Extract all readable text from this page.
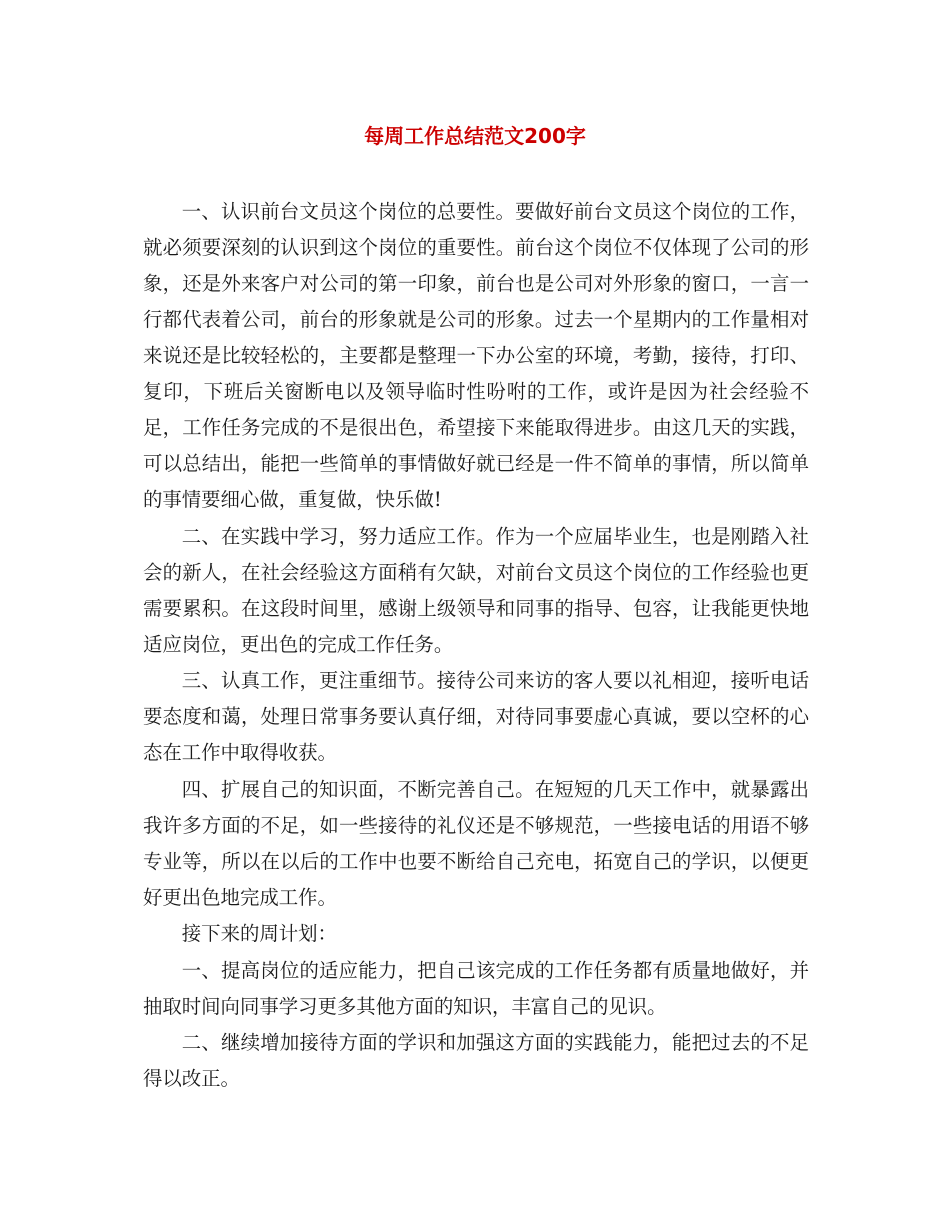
每周工作总结范文200字

一、认识前台文员这个岗位的总要性。要做好前台文员这个岗位的工作，就必须要深刻的认识到这个岗位的重要性。前台这个岗位不仅体现了公司的形象，还是外来客户对公司的第一印象，前台也是公司对外形象的窗口，一言一行都代表着公司，前台的形象就是公司的形象。过去一个星期内的工作量相对来说还是比较轻松的，主要都是整理一下办公室的环境，考勤，接待，打印、复印，下班后关窗断电以及领导临时性吩咐的工作，或许是因为社会经验不足，工作任务完成的不是很出色，希望接下来能取得进步。由这几天的实践，可以总结出，能把一些简单的事情做好就已经是一件不简单的事情，所以简单的事情要细心做，重复做，快乐做!

二、在实践中学习，努力适应工作。作为一个应届毕业生，也是刚踏入社会的新人，在社会经验这方面稍有欠缺，对前台文员这个岗位的工作经验也更需要累积。在这段时间里，感谢上级领导和同事的指导、包容，让我能更快地适应岗位，更出色的完成工作任务。

三、认真工作，更注重细节。接待公司来访的客人要以礼相迎，接听电话要态度和蔼，处理日常事务要认真仔细，对待同事要虚心真诚，要以空杯的心态在工作中取得收获。

四、扩展自己的知识面，不断完善自己。在短短的几天工作中，就暴露出我许多方面的不足，如一些接待的礼仪还是不够规范，一些接电话的用语不够专业等，所以在以后的工作中也要不断给自己充电，拓宽自己的学识，以便更好更出色地完成工作。

接下来的周计划：

一、提高岗位的适应能力，把自己该完成的工作任务都有质量地做好，并抽取时间向同事学习更多其他方面的知识，丰富自己的见识。

二、继续增加接待方面的学识和加强这方面的实践能力，能把过去的不足得以改正。
